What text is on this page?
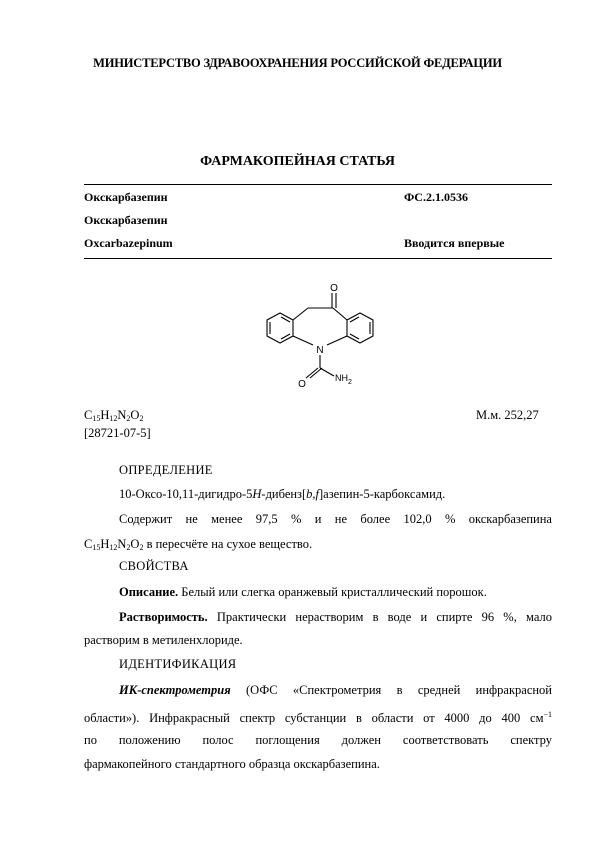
МИНИСТЕРСТВО ЗДРАВООХРАНЕНИЯ РОССИЙСКОЙ ФЕДЕРАЦИИ
ФАРМАКОПЕЙНАЯ СТАТЬЯ
Окскарбазепин	ФС.2.1.0536
Окскарбазепин
Oxcarbazepinum	Вводится впервые
O
N
O
$NH_2$
$C_{15}H_{12}N_2O_2$	М.м. 252,27
[28721-07-5]
ОПРЕДЕЛЕНИЕ
10-Оксо-10,11-дигидро-5H-дибенз[b,f]азепин-5-карбоксамид.
Содержит не менее 97,5 % и не более 102,0 % окскарбазепина
$C_{15}H_{12}N_2O_2$ в пересчёте на сухое вещество.
СВОЙСТВА
Описание. Белый или слегка оранжевый кристаллический порошок.
Растворимость. Практически нерастворим в воде и спирте 96 %, мало
растворим в метиленхлориде.
ИДЕНТИФИКАЦИЯ
ИК-спектрометрия (ОФС «Спектрометрия в средней инфракрасной
области»). Инфракрасный спектр субстанции в области от 4000 до 400 $см^{-1}$
по положению полос поглощения должен соответствовать спектру
фармакопейного стандартного образца окскарбазепина.
